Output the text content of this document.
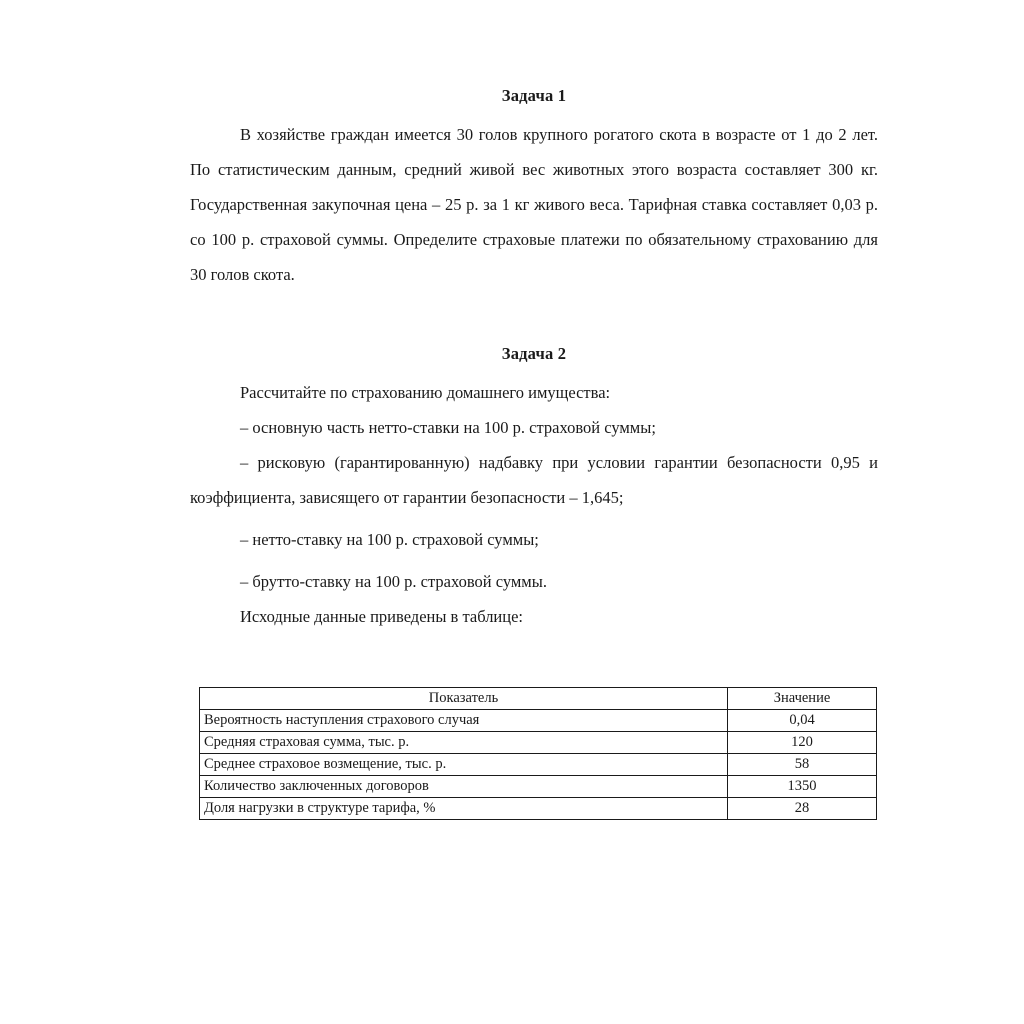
Задача 1

В хозяйстве граждан имеется 30 голов крупного рогатого скота в возрасте от 1 до 2 лет. По статистическим данным, средний живой вес животных этого возраста составляет 300 кг. Государственная закупочная цена – 25 р. за 1 кг живого веса. Тарифная ставка составляет 0,03 р. со 100 р. страховой суммы. Определите страховые платежи по обязательному страхованию для 30 голов скота.

Задача 2

Рассчитайте по страхованию домашнего имущества:

– основную часть нетто-ставки на 100 р. страховой суммы;

– рисковую (гарантированную) надбавку при условии гарантии безопасности 0,95 и коэффициента, зависящего от гарантии безопасности – 1,645;

– нетто-ставку на 100 р. страховой суммы;

– брутто-ставку на 100 р. страховой суммы.

Исходные данные приведены в таблице:

Показатель	Значение
Вероятность наступления страхового случая	0,04
Средняя страховая сумма, тыс. р.	120
Среднее страховое возмещение, тыс. р.	58
Количество заключенных договоров	1350
Доля нагрузки в структуре тарифа, %	28
